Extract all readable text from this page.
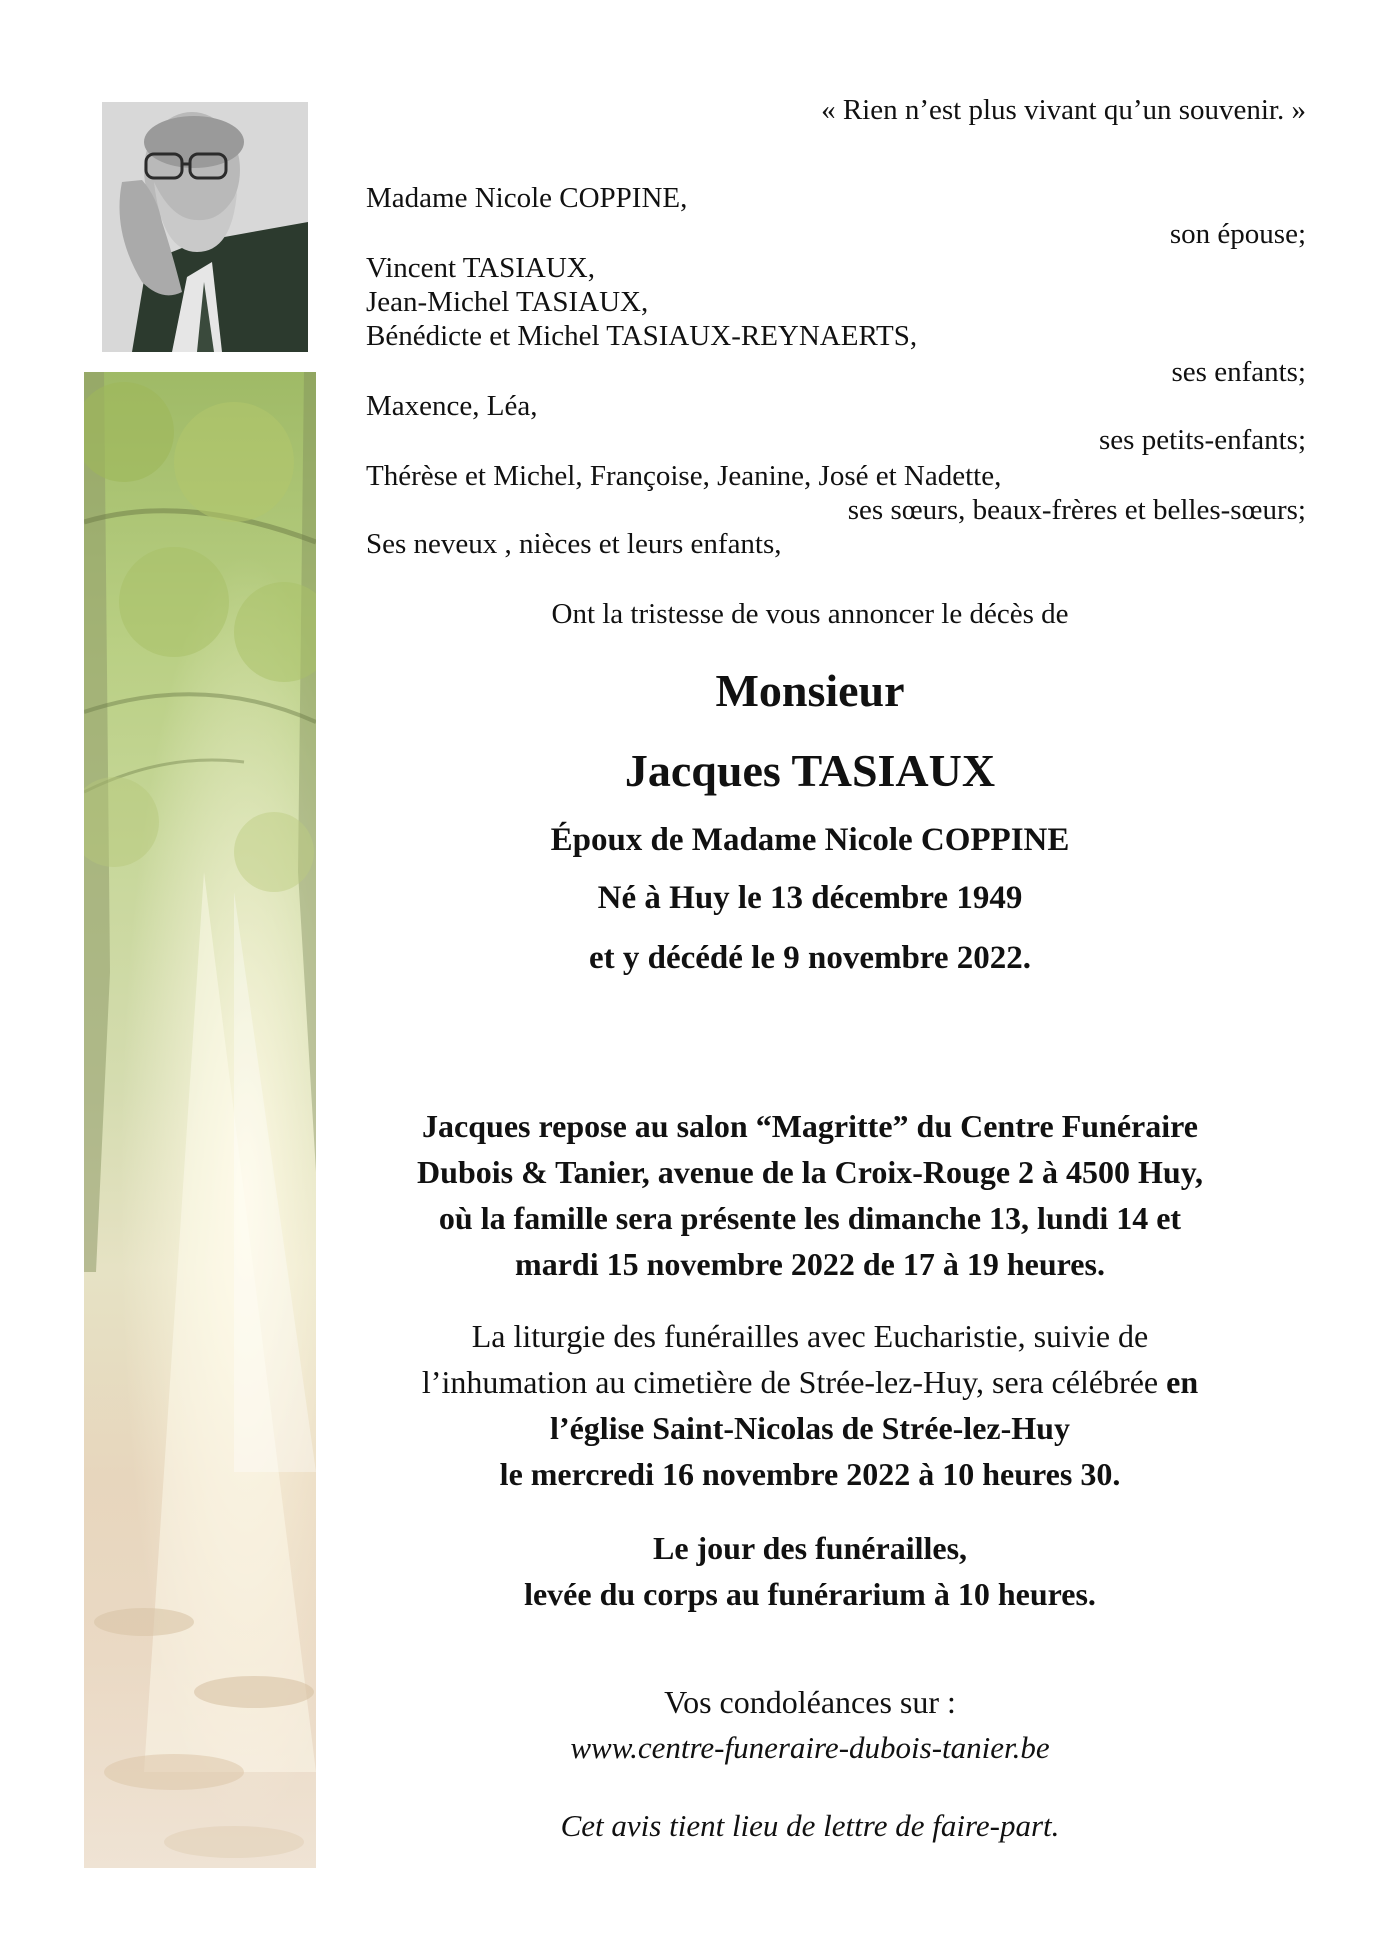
« Rien n’est plus vivant qu’un souvenir. »
Madame Nicole COPPINE,
son épouse;
Vincent TASIAUX,
Jean-Michel TASIAUX,
Bénédicte et Michel TASIAUX-REYNAERTS,
ses enfants;
Maxence, Léa,
ses petits-enfants;
Thérèse et Michel, Françoise, Jeanine, José et Nadette,
ses sœurs, beaux-frères et belles-sœurs;
Ses neveux , nièces et leurs enfants,
Ont la tristesse de vous annoncer le décès de
Monsieur
Jacques TASIAUX
Époux de Madame Nicole COPPINE
Né à Huy le 13 décembre 1949
et y décédé le 9 novembre 2022.
Jacques repose au salon “Magritte” du Centre Funéraire
Dubois & Tanier, avenue de la Croix-Rouge 2 à 4500 Huy,
où la famille sera présente les dimanche 13, lundi 14 et
mardi 15 novembre 2022 de 17 à 19 heures.
La liturgie des funérailles avec Eucharistie, suivie de
l’inhumation au cimetière de Strée-lez-Huy, sera célébrée en
l’église Saint-Nicolas de Strée-lez-Huy
le mercredi 16 novembre 2022 à 10 heures 30.
Le jour des funérailles,
levée du corps au funérarium à 10 heures.
Vos condoléances sur :
www.centre-funeraire-dubois-tanier.be
Cet avis tient lieu de lettre de faire-part.
